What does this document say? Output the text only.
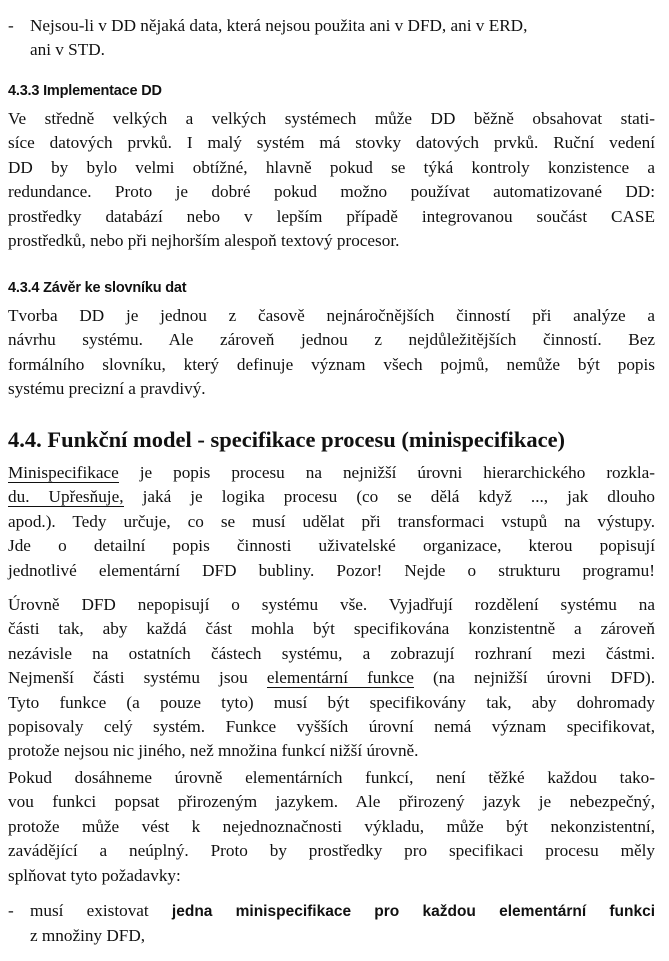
- Nejsou-li v DD nějaká data, která nejsou použita ani v DFD, ani v ERD,
ani v STD.
4.3.3 Implementace DD
Ve středně velkých a velkých systémech může DD běžně obsahovat stati-
síce datových prvků. I malý systém má stovky datových prvků. Ruční vedení
DD by bylo velmi obtížné, hlavně pokud se týká kontroly konzistence a
redundance. Proto je dobré pokud možno používat automatizované DD:
prostředky databází nebo v lepším případě integrovanou součást CASE
prostředků, nebo při nejhorším alespoň textový procesor.
4.3.4 Závěr ke slovníku dat
Tvorba DD je jednou z časově nejnáročnějších činností při analýze a
návrhu systému. Ale zároveň jednou z nejdůležitějších činností. Bez
formálního slovníku, který definuje význam všech pojmů, nemůže být popis
systému precizní a pravdivý.
4.4. Funkční model - specifikace procesu (minispecifikace)
Minispecifikace je popis procesu na nejnižší úrovni hierarchického rozkla-
du. Upřesňuje, jaká je logika procesu (co se dělá když ..., jak dlouho
apod.). Tedy určuje, co se musí udělat při transformaci vstupů na výstupy.
Jde o detailní popis činnosti uživatelské organizace, kterou popisují
jednotlivé elementární DFD bubliny. Pozor! Nejde o strukturu programu!
Úrovně DFD nepopisují o systému vše. Vyjadřují rozdělení systému na
části tak, aby každá část mohla být specifikována konzistentně a zároveň
nezávisle na ostatních částech systému, a zobrazují rozhraní mezi částmi.
Nejmenší části systému jsou elementární funkce (na nejnižší úrovni DFD).
Tyto funkce (a pouze tyto) musí být specifikovány tak, aby dohromady
popisovaly celý systém. Funkce vyšších úrovní nemá význam specifikovat,
protože nejsou nic jiného, než množina funkcí nižší úrovně.
Pokud dosáhneme úrovně elementárních funkcí, není těžké každou tako-
vou funkci popsat přirozeným jazykem. Ale přirozený jazyk je nebezpečný,
protože může vést k nejednoznačnosti výkladu, může být nekonzistentní,
zavádějící a neúplný. Proto by prostředky pro specifikaci procesu měly
splňovat tyto požadavky:
- musí existovat jedna minispecifikace pro každou elementární funkci
z množiny DFD,
